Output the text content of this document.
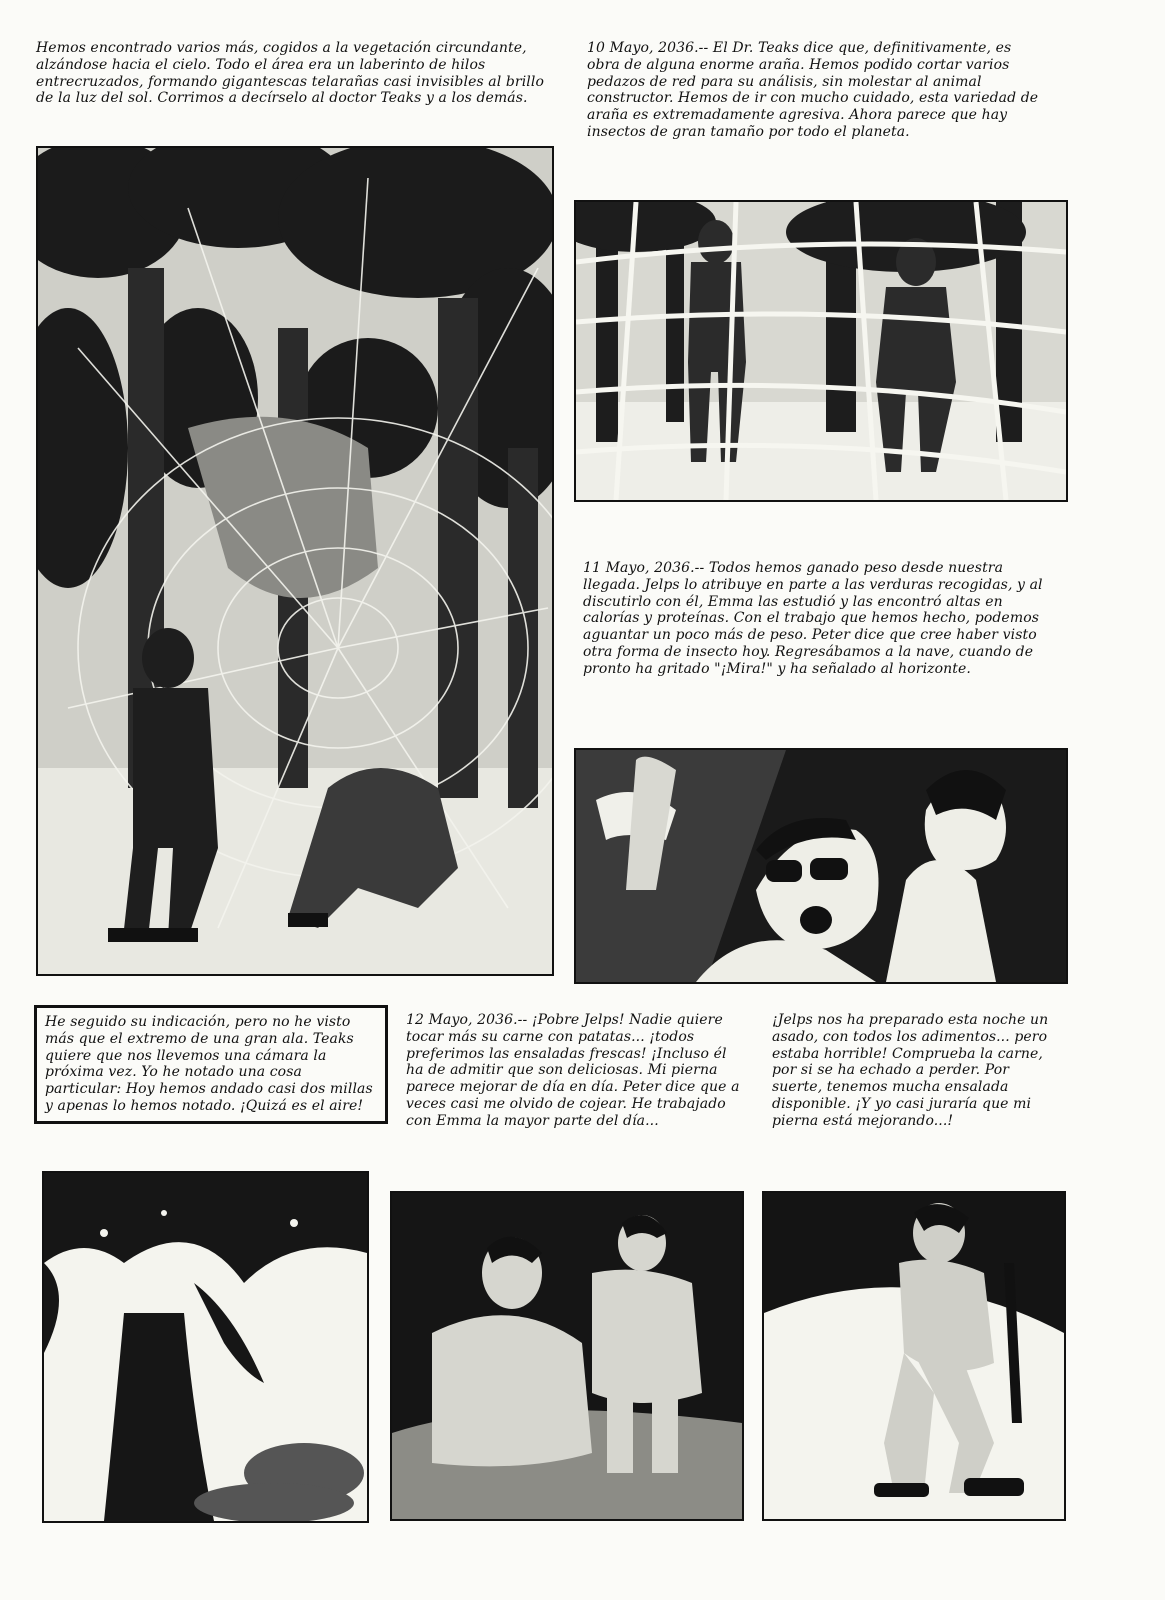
Hemos encontrado varios más, cogidos a la vegetación circundante, alzándose hacia el cielo. Todo el área era un laberinto de hilos entrecruzados, formando gigantescas telarañas casi invisibles al brillo de la luz del sol. Corrimos a decírselo al doctor Teaks y a los demás.
10 Mayo, 2036.-- El Dr. Teaks dice que, definitivamente, es obra de alguna enorme araña. Hemos podido cortar varios pedazos de red para su análisis, sin molestar al animal constructor. Hemos de ir con mucho cuidado, esta variedad de araña es extremadamente agresiva. Ahora parece que hay insectos de gran tamaño por todo el planeta.
11 Mayo, 2036.-- Todos hemos ganado peso desde nuestra llegada. Jelps lo atribuye en parte a las verduras recogidas, y al discutirlo con él, Emma las estudió y las encontró altas en calorías y proteínas. Con el trabajo que hemos hecho, podemos aguantar un poco más de peso. Peter dice que cree haber visto otra forma de insecto hoy. Regresábamos a la nave, cuando de pronto ha gritado "¡Mira!" y ha señalado al horizonte.
He seguido su indicación, pero no he visto más que el extremo de una gran ala. Teaks quiere que nos llevemos una cámara la próxima vez. Yo he notado una cosa particular: Hoy hemos andado casi dos millas y apenas lo hemos notado. ¡Quizá es el aire!
12 Mayo, 2036.-- ¡Pobre Jelps! Nadie quiere tocar más su carne con patatas... ¡todos preferimos las ensaladas frescas! ¡Incluso él ha de admitir que son deliciosas. Mi pierna parece mejorar de día en día. Peter dice que a veces casi me olvido de cojear. He trabajado con Emma la mayor parte del día...
¡Jelps nos ha preparado esta noche un asado, con todos los adimentos... pero estaba horrible! Comprueba la carne, por si se ha echado a perder. Por suerte, tenemos mucha ensalada disponible. ¡Y yo casi juraría que mi pierna está mejorando...!
